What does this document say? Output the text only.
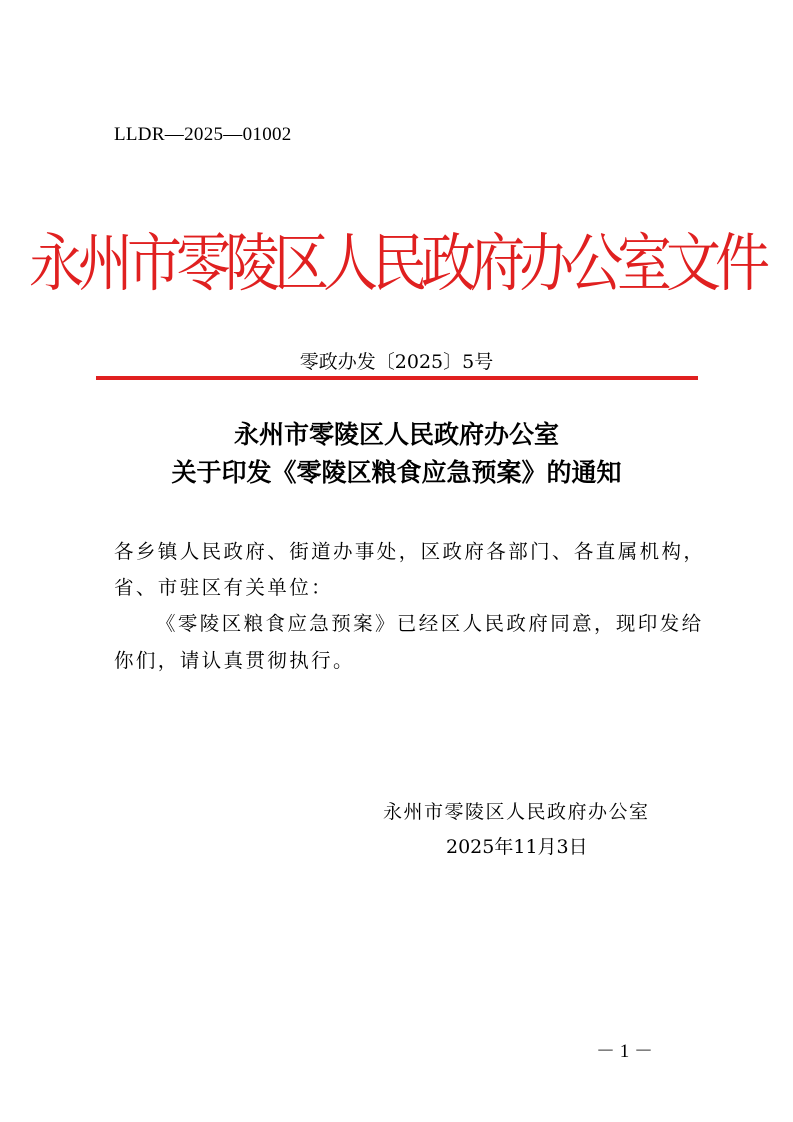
LLDR—2025—01002
永州市零陵区人民政府办公室文件
零政办发〔2025〕5号
永州市零陵区人民政府办公室
关于印发《零陵区粮食应急预案》的通知
各乡镇人民政府、街道办事处，区政府各部门、各直属机构，
省、市驻区有关单位：
《零陵区粮食应急预案》已经区人民政府同意，现印发给
你们，请认真贯彻执行。
永州市零陵区人民政府办公室
2025年11月3日
－ 1 －
